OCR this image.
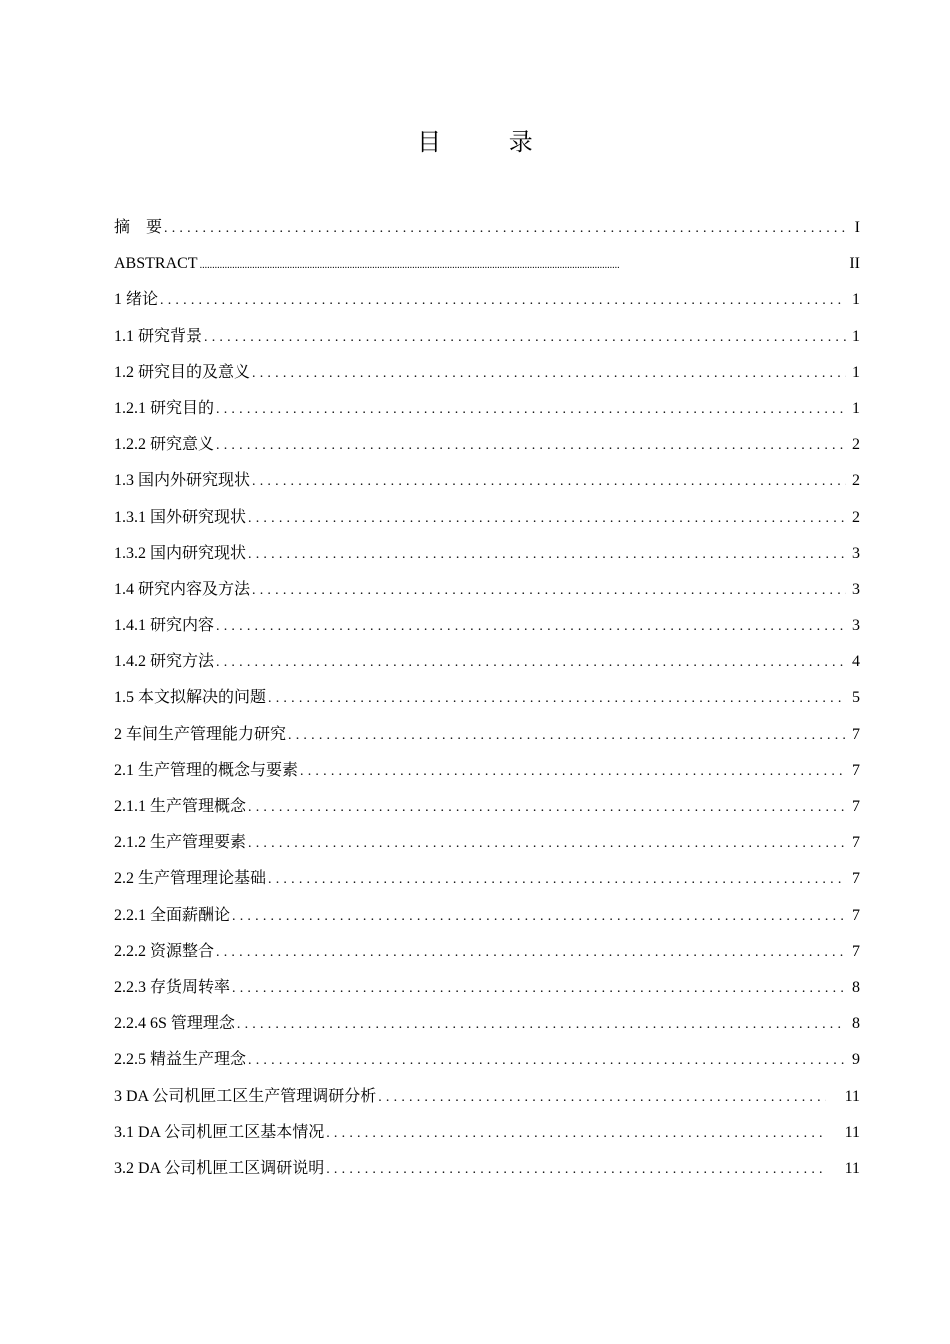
目 录
摘　要 .....	I
ABSTRACT .....	II
1 绪论 .....	1
1.1 研究背景 .....	1
1.2 研究目的及意义 .....	1
1.2.1 研究目的 .....	1
1.2.2 研究意义 .....	2
1.3 国内外研究现状 .....	2
1.3.1 国外研究现状 .....	2
1.3.2 国内研究现状 .....	3
1.4 研究内容及方法 .....	3
1.4.1 研究内容 .....	3
1.4.2 研究方法 .....	4
1.5 本文拟解决的问题 .....	5
2 车间生产管理能力研究 .....	7
2.1 生产管理的概念与要素 .....	7
2.1.1 生产管理概念 .....	7
2.1.2 生产管理要素 .....	7
2.2 生产管理理论基础 .....	7
2.2.1 全面薪酬论 .....	7
2.2.2 资源整合 .....	7
2.2.3 存货周转率 .....	8
2.2.4 6S 管理理念 .....	8
2.2.5 精益生产理念 .....	9
3 DA 公司机匣工区生产管理调研分析 .....	11
3.1 DA 公司机匣工区基本情况 .....	11
3.2 DA 公司机匣工区调研说明 .....	11
